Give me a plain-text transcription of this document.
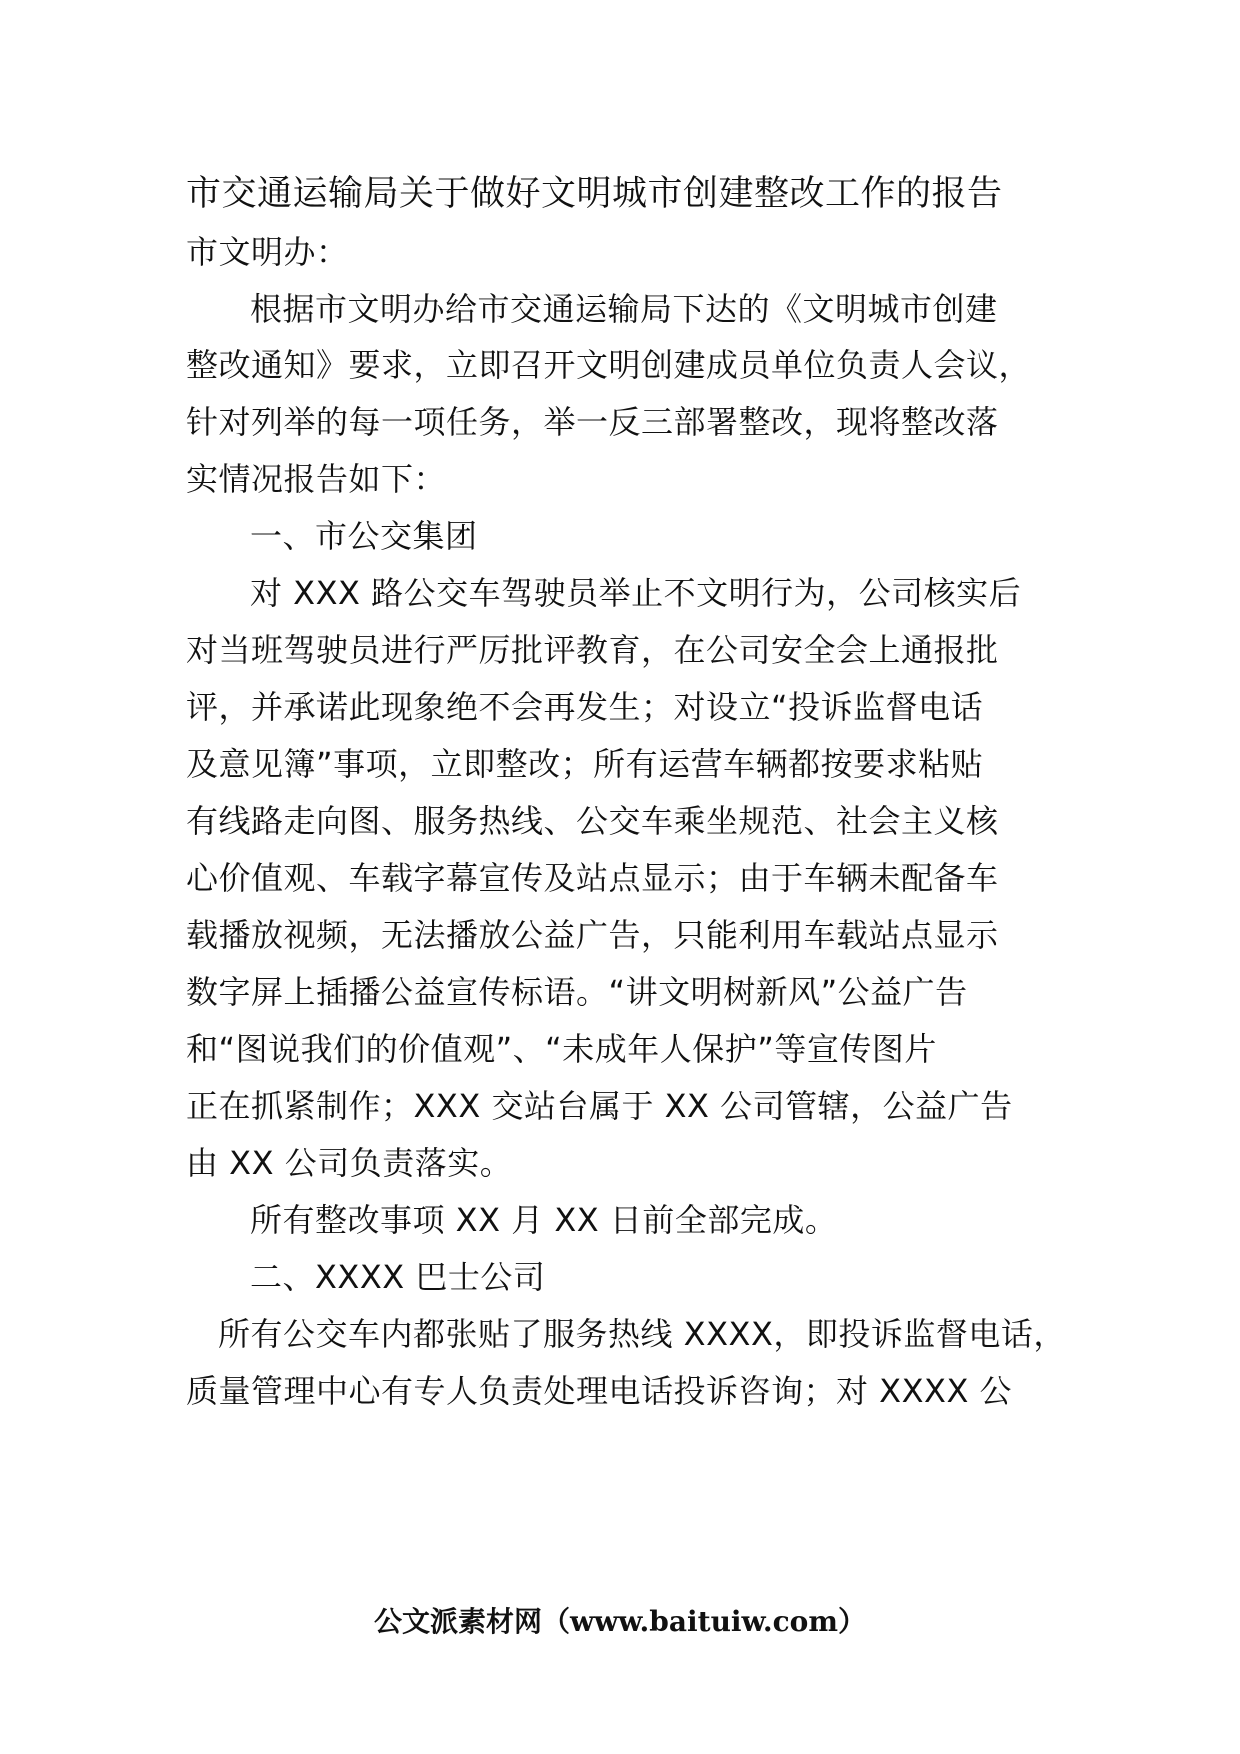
市交通运输局关于做好文明城市创建整改工作的报告
市文明办：
根据市文明办给市交通运输局下达的《文明城市创建
整改通知》要求，立即召开文明创建成员单位负责人会议，
针对列举的每一项任务，举一反三部署整改，现将整改落
实情况报告如下：
一、市公交集团
对 XXX 路公交车驾驶员举止不文明行为，公司核实后
对当班驾驶员进行严厉批评教育，在公司安全会上通报批
评，并承诺此现象绝不会再发生；对设立“投诉监督电话
及意见簿”事项，立即整改；所有运营车辆都按要求粘贴
有线路走向图、服务热线、公交车乘坐规范、社会主义核
心价值观、车载字幕宣传及站点显示；由于车辆未配备车
载播放视频，无法播放公益广告，只能利用车载站点显示
数字屏上插播公益宣传标语。“讲文明树新风”公益广告
和“图说我们的价值观”、“未成年人保护”等宣传图片
正在抓紧制作；XXX 交站台属于 XX 公司管辖，公益广告
由 XX 公司负责落实。
所有整改事项 XX 月 XX 日前全部完成。
二、XXXX 巴士公司
所有公交车内都张贴了服务热线 XXXX，即投诉监督电话，
质量管理中心有专人负责处理电话投诉咨询；对 XXXX 公
公文派素材网（www.baituiw.com）
